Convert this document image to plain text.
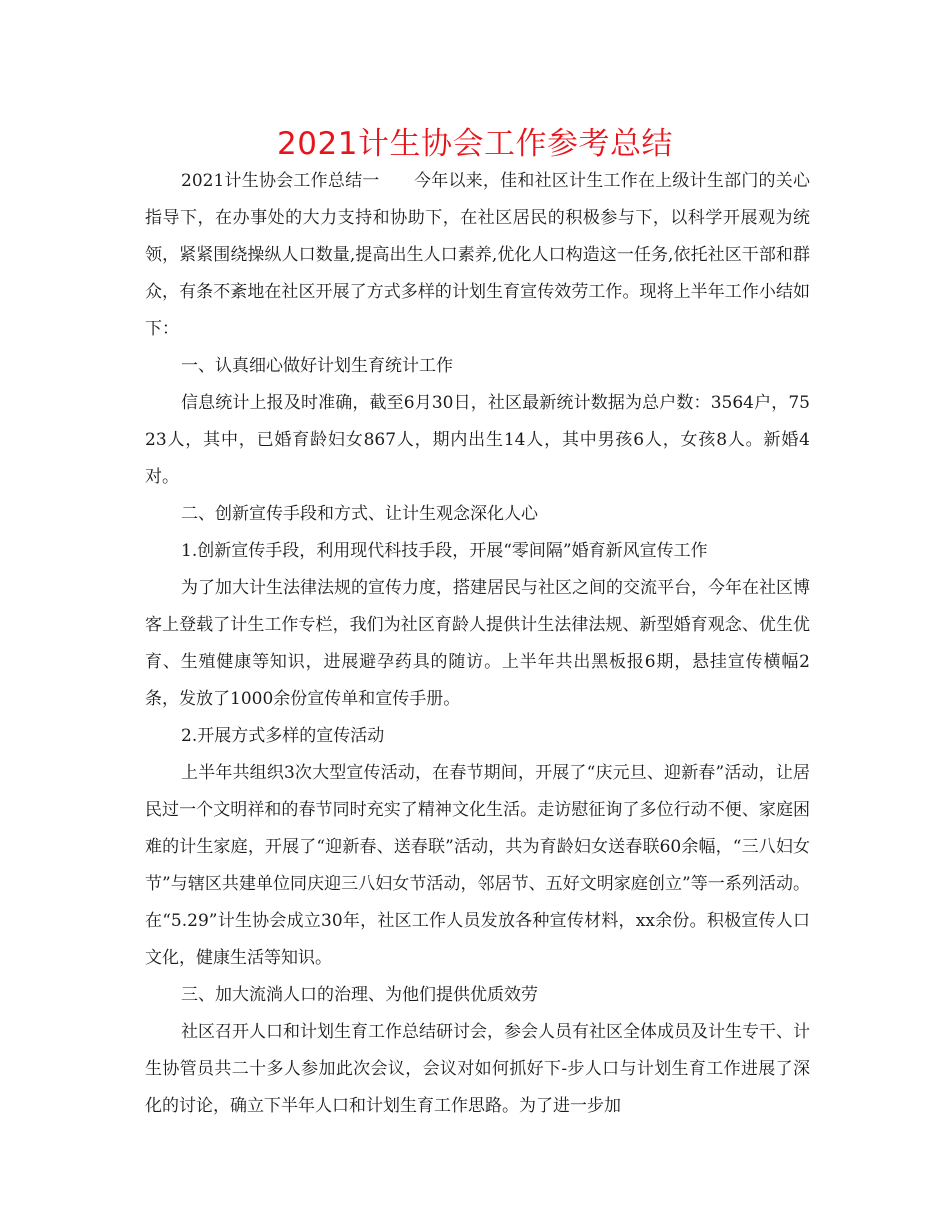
2021计生协会工作参考总结

2021计生协会工作总结一　　今年以来，佳和社区计生工作在上级计生部门的关心指导下，在办事处的大力支持和协助下，在社区居民的积极参与下，以科学开展观为统领，紧紧围绕操纵人口数量,提高出生人口素养,优化人口构造这一任务,依托社区干部和群众，有条不紊地在社区开展了方式多样的计划生育宣传效劳工作。现将上半年工作小结如下：

一、认真细心做好计划生育统计工作

信息统计上报及时准确，截至6月30日，社区最新统计数据为总户数：3564户，7523人，其中，已婚育龄妇女867人，期内出生14人，其中男孩6人，女孩8人。新婚4对。

二、创新宣传手段和方式、让计生观念深化人心

1.创新宣传手段，利用现代科技手段，开展“零间隔”婚育新风宣传工作

为了加大计生法律法规的宣传力度，搭建居民与社区之间的交流平台，今年在社区博客上登载了计生工作专栏，我们为社区育龄人提供计生法律法规、新型婚育观念、优生优育、生殖健康等知识，进展避孕药具的随访。上半年共出黑板报6期，悬挂宣传横幅2条，发放了1000余份宣传单和宣传手册。

2.开展方式多样的宣传活动

上半年共组织3次大型宣传活动，在春节期间，开展了“庆元旦、迎新春”活动，让居民过一个文明祥和的春节同时充实了精神文化生活。走访慰征询了多位行动不便、家庭困难的计生家庭，开展了“迎新春、送春联”活动，共为育龄妇女送春联60余幅，“三八妇女节”与辖区共建单位同庆迎三八妇女节活动，邻居节、五好文明家庭创立”等一系列活动。在“5.29”计生协会成立30年，社区工作人员发放各种宣传材料，xx余份。积极宣传人口文化，健康生活等知识。

三、加大流淌人口的治理、为他们提供优质效劳

社区召开人口和计划生育工作总结研讨会，参会人员有社区全体成员及计生专干、计生协管员共二十多人参加此次会议，会议对如何抓好下-步人口与计划生育工作进展了深化的讨论，确立下半年人口和计划生育工作思路。为了进一步加
